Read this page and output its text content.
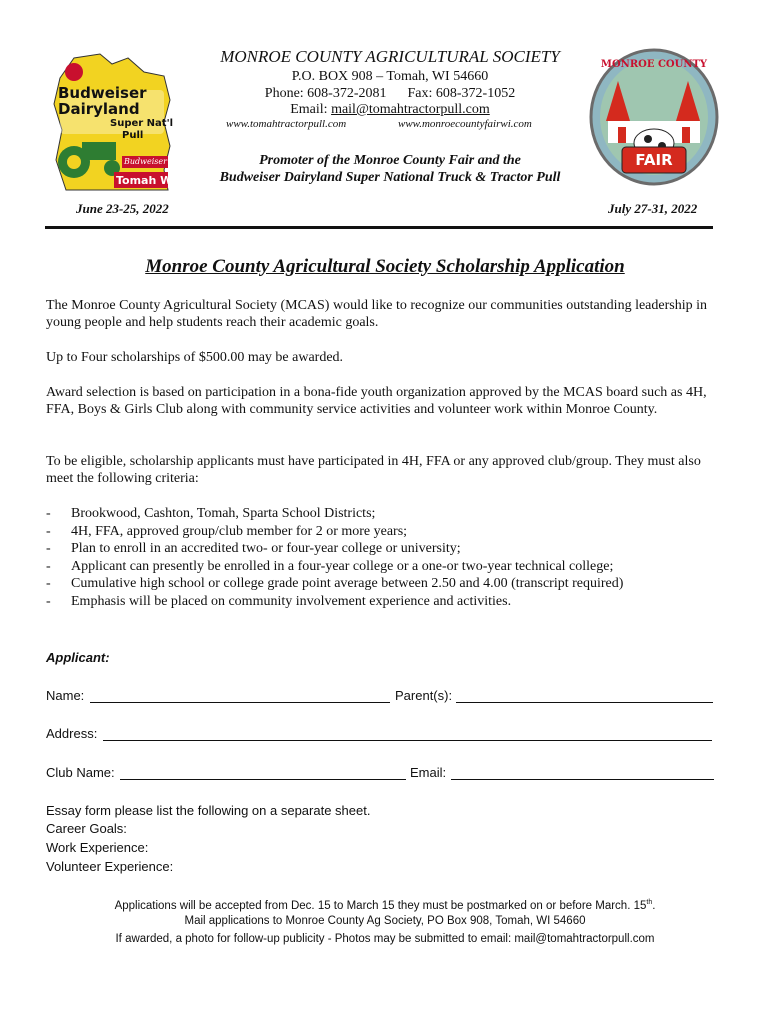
Budweiser
Dairyland
Super Nat'l
Pull
Budweiser
Tomah WI
MONROE COUNTY
FAIR
MONROE COUNTY AGRICULTURAL SOCIETY
P.O. BOX 908 – Tomah, WI 54660
Phone: 608-372-2081      Fax: 608-372-1052
Email: mail@tomahtractorpull.com
www.tomahtractorpull.com	www.monroecountyfairwi.com
Promoter of the Monroe County Fair and the
Budweiser Dairyland Super National Truck & Tractor Pull
June 23-25, 2022	July 27-31, 2022
Monroe County Agricultural Society Scholarship Application
The Monroe County Agricultural Society (MCAS) would like to recognize our communities outstanding leadership in young people and help students reach their academic goals.
Up to Four scholarships of $500.00 may be awarded.
Award selection is based on participation in a bona-fide youth organization approved by the MCAS board such as 4H, FFA, Boys & Girls Club along with community service activities and volunteer work within Monroe County.
To be eligible, scholarship applicants must have participated in 4H, FFA or any approved club/group. They must also meet the following criteria:
-	Brookwood, Cashton, Tomah, Sparta School Districts;
-	4H, FFA, approved group/club member for 2 or more years;
-	Plan to enroll in an accredited two- or four-year college or university;
-	Applicant can presently be enrolled in a four-year college or a one-or two-year technical college;
-	Cumulative high school or college grade point average between 2.50 and 4.00 (transcript required)
-	Emphasis will be placed on community involvement experience and activities.
Applicant:
Name:	Parent(s):
Address:
Club Name:	Email:
Essay form please list the following on a separate sheet.
Career Goals:
Work Experience:
Volunteer Experience:
Applications will be accepted from Dec. 15 to March 15 they must be postmarked on or before March. 15th.
Mail applications to Monroe County Ag Society, PO Box 908, Tomah, WI 54660
If awarded, a photo for follow-up publicity - Photos may be submitted to email: mail@tomahtractorpull.com
